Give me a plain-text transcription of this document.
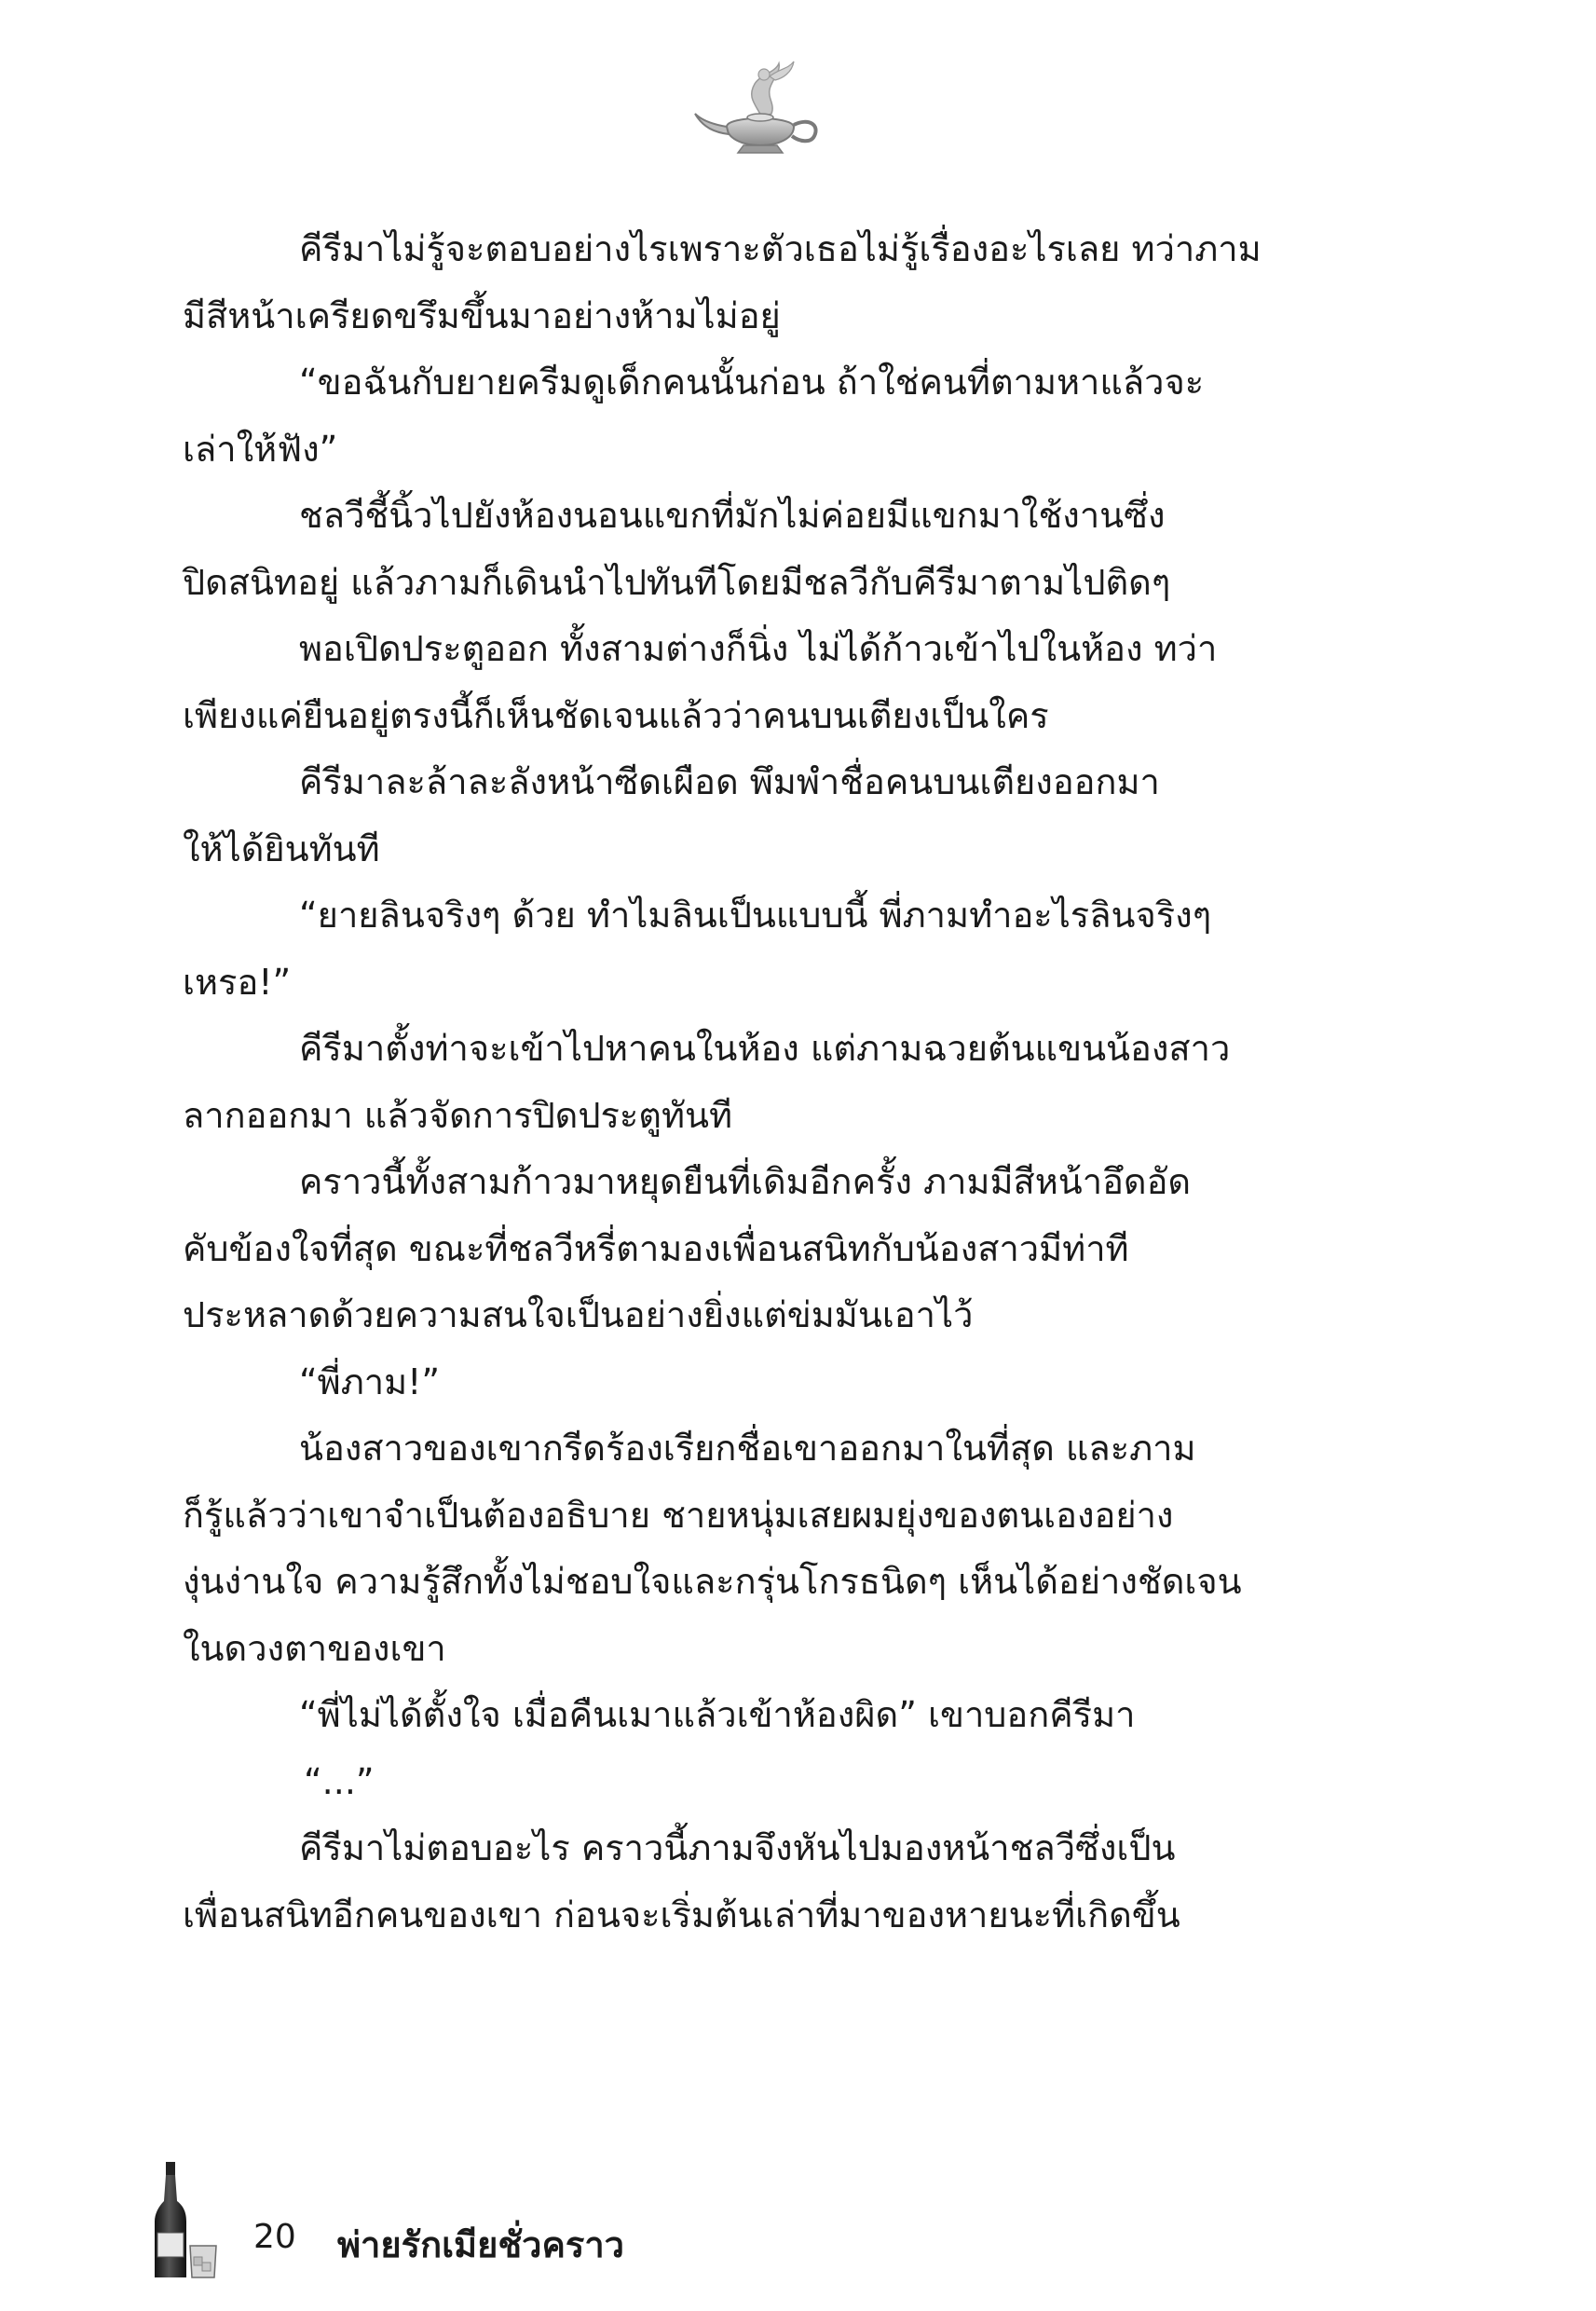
คีรีมาไม่รู้จะตอบอย่างไรเพราะตัวเธอไม่รู้เรื่องอะไรเลย ทว่าภาม

มีสีหน้าเครียดขรึมขึ้นมาอย่างห้ามไม่อยู่

“ขอฉันกับยายครีมดูเด็กคนนั้นก่อน ถ้าใช่คนที่ตามหาแล้วจะ

เล่าให้ฟัง”

ชลวีชี้นิ้วไปยังห้องนอนแขกที่มักไม่ค่อยมีแขกมาใช้งานซึ่ง

ปิดสนิทอยู่ แล้วภามก็เดินนำไปทันทีโดยมีชลวีกับคีรีมาตามไปติดๆ

พอเปิดประตูออก ทั้งสามต่างก็นิ่ง ไม่ได้ก้าวเข้าไปในห้อง ทว่า

เพียงแค่ยืนอยู่ตรงนี้ก็เห็นชัดเจนแล้วว่าคนบนเตียงเป็นใคร

คีรีมาละล้าละลังหน้าซีดเผือด พึมพำชื่อคนบนเตียงออกมา

ให้ได้ยินทันที

“ยายลินจริงๆ ด้วย ทำไมลินเป็นแบบนี้ พี่ภามทำอะไรลินจริงๆ

เหรอ!”

คีรีมาตั้งท่าจะเข้าไปหาคนในห้อง แต่ภามฉวยต้นแขนน้องสาว

ลากออกมา แล้วจัดการปิดประตูทันที

คราวนี้ทั้งสามก้าวมาหยุดยืนที่เดิมอีกครั้ง ภามมีสีหน้าอึดอัด

คับข้องใจที่สุด ขณะที่ชลวีหรี่ตามองเพื่อนสนิทกับน้องสาวมีท่าที

ประหลาดด้วยความสนใจเป็นอย่างยิ่งแต่ข่มมันเอาไว้

“พี่ภาม!”

น้องสาวของเขากรีดร้องเรียกชื่อเขาออกมาในที่สุด และภาม

ก็รู้แล้วว่าเขาจำเป็นต้องอธิบาย ชายหนุ่มเสยผมยุ่งของตนเองอย่าง

งุ่นง่านใจ ความรู้สึกทั้งไม่ชอบใจและกรุ่นโกรธนิดๆ เห็นได้อย่างชัดเจน

ในดวงตาของเขา

“พี่ไม่ได้ตั้งใจ เมื่อคืนเมาแล้วเข้าห้องผิด” เขาบอกคีรีมา

“...”

คีรีมาไม่ตอบอะไร คราวนี้ภามจึงหันไปมองหน้าชลวีซึ่งเป็น

เพื่อนสนิทอีกคนของเขา ก่อนจะเริ่มต้นเล่าที่มาของหายนะที่เกิดขึ้น

20 พ่ายรักเมียชั่วคราว
